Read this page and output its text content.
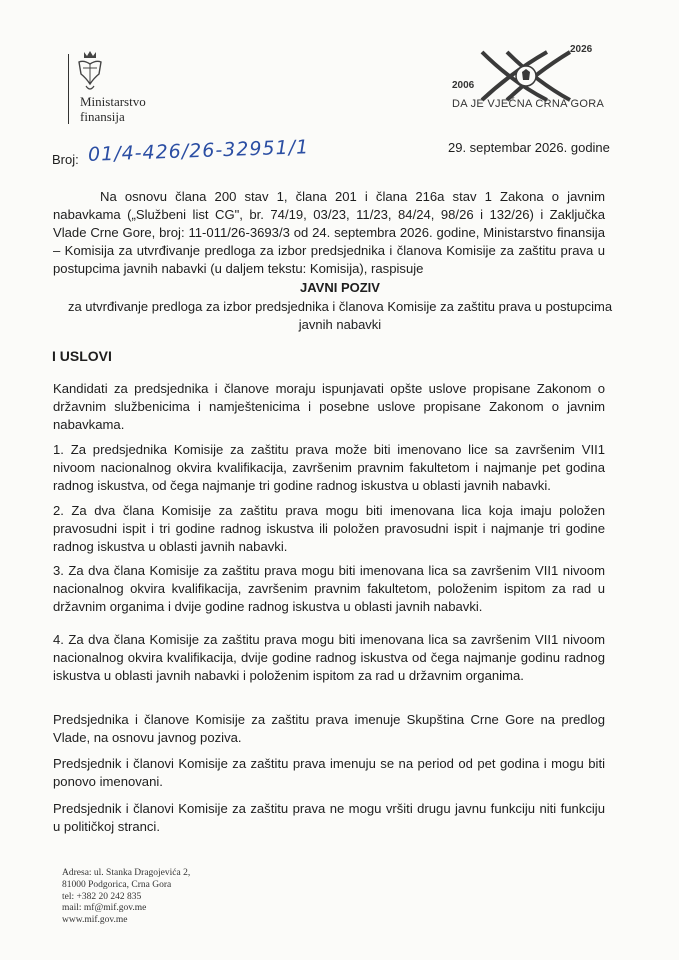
Ministarstvo
finansija
2006
2026
DA JE VJEČNA CRNA GORA
Broj: 01/4-426/26-32951/1	29. septembar 2026. godine
Na osnovu člana 200 stav 1, člana 201 i člana 216a stav 1 Zakona o javnim nabavkama („Službeni list CG", br. 74/19, 03/23, 11/23, 84/24, 98/26 i 132/26) i Zaključka Vlade Crne Gore, broj: 11-011/26-3693/3 od 24. septembra 2026. godine, Ministarstvo finansija – Komisija za utvrđivanje predloga za izbor predsjednika i članova Komisije za zaštitu prava u postupcima javnih nabavki (u daljem tekstu: Komisija), raspisuje
JAVNI POZIV
za utvrđivanje predloga za izbor predsjednika i članova Komisije za zaštitu prava u postupcima javnih nabavki
I USLOVI
Kandidati za predsjednika i članove moraju ispunjavati opšte uslove propisane Zakonom o državnim službenicima i namještenicima i posebne uslove propisane Zakonom o javnim nabavkama.
1. Za predsjednika Komisije za zaštitu prava može biti imenovano lice sa završenim VII1 nivoom nacionalnog okvira kvalifikacija, završenim pravnim fakultetom i najmanje pet godina radnog iskustva, od čega najmanje tri godine radnog iskustva u oblasti javnih nabavki.
2. Za dva člana Komisije za zaštitu prava mogu biti imenovana lica koja imaju položen pravosudni ispit i tri godine radnog iskustva ili položen pravosudni ispit i najmanje tri godine radnog iskustva u oblasti javnih nabavki.
3. Za dva člana Komisije za zaštitu prava mogu biti imenovana lica sa završenim VII1 nivoom nacionalnog okvira kvalifikacija, završenim pravnim fakultetom, položenim ispitom za rad u državnim organima i dvije godine radnog iskustva u oblasti javnih nabavki.
4. Za dva člana Komisije za zaštitu prava mogu biti imenovana lica sa završenim VII1 nivoom nacionalnog okvira kvalifikacija, dvije godine radnog iskustva od čega najmanje godinu radnog iskustva u oblasti javnih nabavki i položenim ispitom za rad u državnim organima.
Predsjednika i članove Komisije za zaštitu prava imenuje Skupština Crne Gore na predlog Vlade, na osnovu javnog poziva.
Predsjednik i članovi Komisije za zaštitu prava imenuju se na period od pet godina i mogu biti ponovo imenovani.
Predsjednik i članovi Komisije za zaštitu prava ne mogu vršiti drugu javnu funkciju niti funkciju u političkoj stranci.
Adresa: ul. Stanka Dragojevića 2,
81000 Podgorica, Crna Gora
tel: +382 20 242 835
mail: mf@mif.gov.me
www.mif.gov.me
